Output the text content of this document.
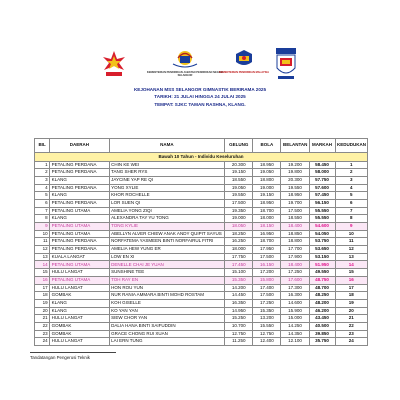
KEMENTERIAN PENDIDIKAN JABATAN PENDIDIKAN NEGERI SELANGOR
KEMENTERIAN PENDIDIKAN MALAYSIA
KEJOHANAN MSS SELANGOR GIMNASTIK BERIRAMA 2025
TARIKH: 21 JULAI HINGGA 24 JULAI 2025
TEMPAT: SJKC TAMAN RASHNA, KLANG.
Bawah 10 Tahun - Individu Keseluruhan							
BIL	DAERAH	NAMA	GELUNG	BOLA	BELANTAN	MARKAH	KEDUDUKAN
1	PETALING PERDANA	CHIN KE WEI	20.300	18.950	19.200	58.450	1
2	PETALING PERDANA	TANG SHER RYS	19.150	19.050	19.800	58.000	2
3	KLANG	JAYCINE YAP RE QI	18.550	18.800	20.300	57.750	3
4	PETALING PERDANA	YONG XYLIE	19.050	19.000	19.550	57.600	4
5	KLANG	KHOR ROCHELLE	19.550	19.150	18.950	57.450	5
6	PETALING PERDANA	LOR SUEN QI	17.500	18.950	19.700	56.150	6
7	PETALING UTAMA	AMELIA YONG ZIQI	19.350	18.700	17.500	55.550	7
8	KLANG	ALEXANDRA TAY YU TONG	19.000	18.000	18.550	55.550	8
9	PETALING UTAMA	TONG KYLIE	18.050	18.150	18.400	54.600	9
10	PETALING UTAMA	ABELLYN ALVER CHIEW ANAK ANDY QUIPIT SAYUS	18.250	16.950	18.850	54.050	10
11	PETALING PERDANA	NORFATEMA YASMEEN BINTI NORFAIRUL FITRI	16.250	18.700	18.800	53.750	11
12	PETALING PERDANA	AMELIA HEW YUNG ER	18.000	17.950	17.700	53.650	12
13	KUALA LANGAT	LOW EN XI	17.750	17.500	17.900	53.150	13
14	PETALING UTAMA	DENELLE CHAI JE YUAN	17.450	16.150	18.400	51.950	14
15	HULU LANGAT	SUNSHINE TEE	15.100	17.200	17.250	49.550	15
16	PETALING UTAMA	TOH RAY EN	15.350	15.800	17.600	48.750	16
17	HULU LANGAT	HON ROU YUN	14.200	17.400	17.300	48.700	17
18	GOMBAK	NUR RANIA AMMARA BINTI MOHD ROSTAM	14.450	17.500	16.300	48.250	18
19	KLANG	KOH GISELLE	16.350	17.250	14.600	48.200	19
20	KLANG	KO YAN YAN	14.950	15.350	15.900	46.200	20
21	HULU LANGAT	SIEW CHOR YAN	15.250	13.200	15.000	43.450	21
22	GOMBAK	DALIA HANA BINTI SAIFUDDIN	10.700	15.550	14.250	40.500	22
23	GOMBAK	GRACE CHONG RUI XUAN	12.750	12.750	14.350	39.850	23
24	HULU LANGAT	LAI ERN TUNG	11.250	12.400	12.100	35.750	24
Tandatangan Pengerusi Teknik
